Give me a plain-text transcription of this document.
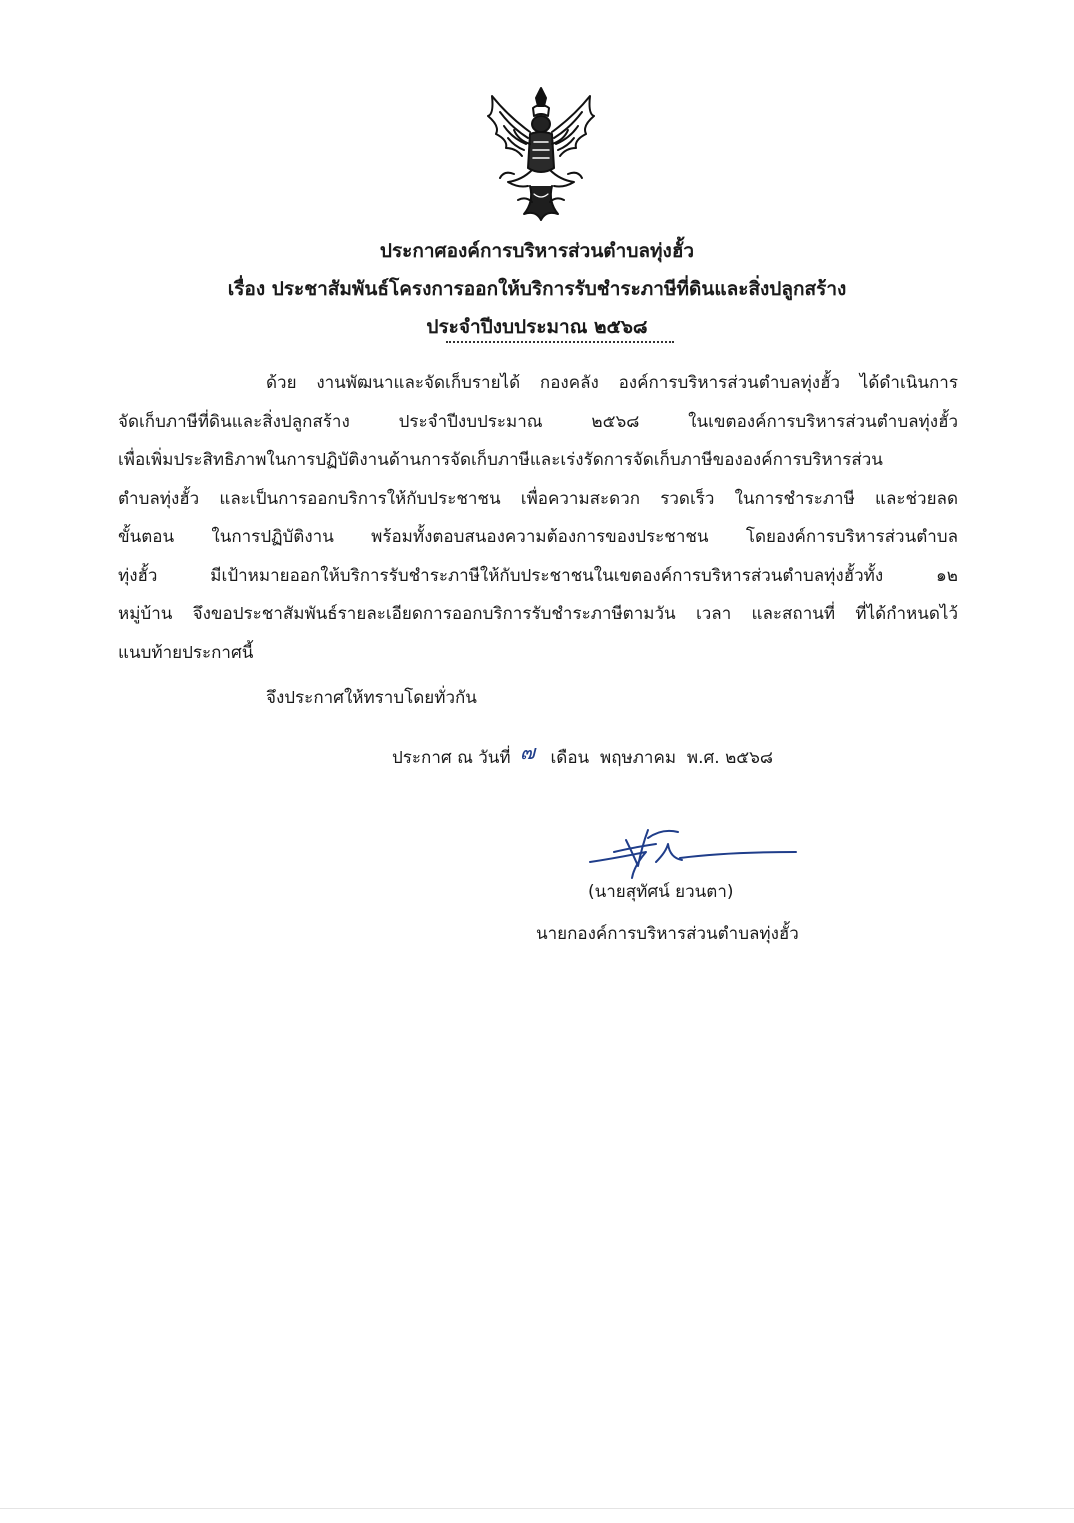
ประกาศองค์การบริหารส่วนตำบลทุ่งฮั้ว
เรื่อง ประชาสัมพันธ์โครงการออกให้บริการรับชำระภาษีที่ดินและสิ่งปลูกสร้าง
ประจำปีงบประมาณ ๒๕๖๘
ด้วย งานพัฒนาและจัดเก็บรายได้ กองคลัง องค์การบริหารส่วนตำบลทุ่งฮั้ว ได้ดำเนินการ
จัดเก็บภาษีที่ดินและสิ่งปลูกสร้าง ประจำปีงบประมาณ ๒๕๖๘ ในเขตองค์การบริหารส่วนตำบลทุ่งฮั้ว
เพื่อเพิ่มประสิทธิภาพในการปฏิบัติงานด้านการจัดเก็บภาษีและเร่งรัดการจัดเก็บภาษีขององค์การบริหารส่วน
ตำบลทุ่งฮั้ว และเป็นการออกบริการให้กับประชาชน เพื่อความสะดวก รวดเร็ว ในการชำระภาษี และช่วยลด
ขั้นตอน ในการปฏิบัติงาน พร้อมทั้งตอบสนองความต้องการของประชาชน โดยองค์การบริหารส่วนตำบล
ทุ่งฮั้ว มีเป้าหมายออกให้บริการรับชำระภาษีให้กับประชาชนในเขตองค์การบริหารส่วนตำบลทุ่งฮั้วทั้ง ๑๒
หมู่บ้าน จึงขอประชาสัมพันธ์รายละเอียดการออกบริการรับชำระภาษีตามวัน เวลา และสถานที่ ที่ได้กำหนดไว้
แนบท้ายประกาศนี้
จึงประกาศให้ทราบโดยทั่วกัน
ประกาศ ณ วันที่ ๗ เดือน พฤษภาคม พ.ศ. ๒๕๖๘
(นายสุทัศน์ ยวนตา)
นายกองค์การบริหารส่วนตำบลทุ่งฮั้ว
